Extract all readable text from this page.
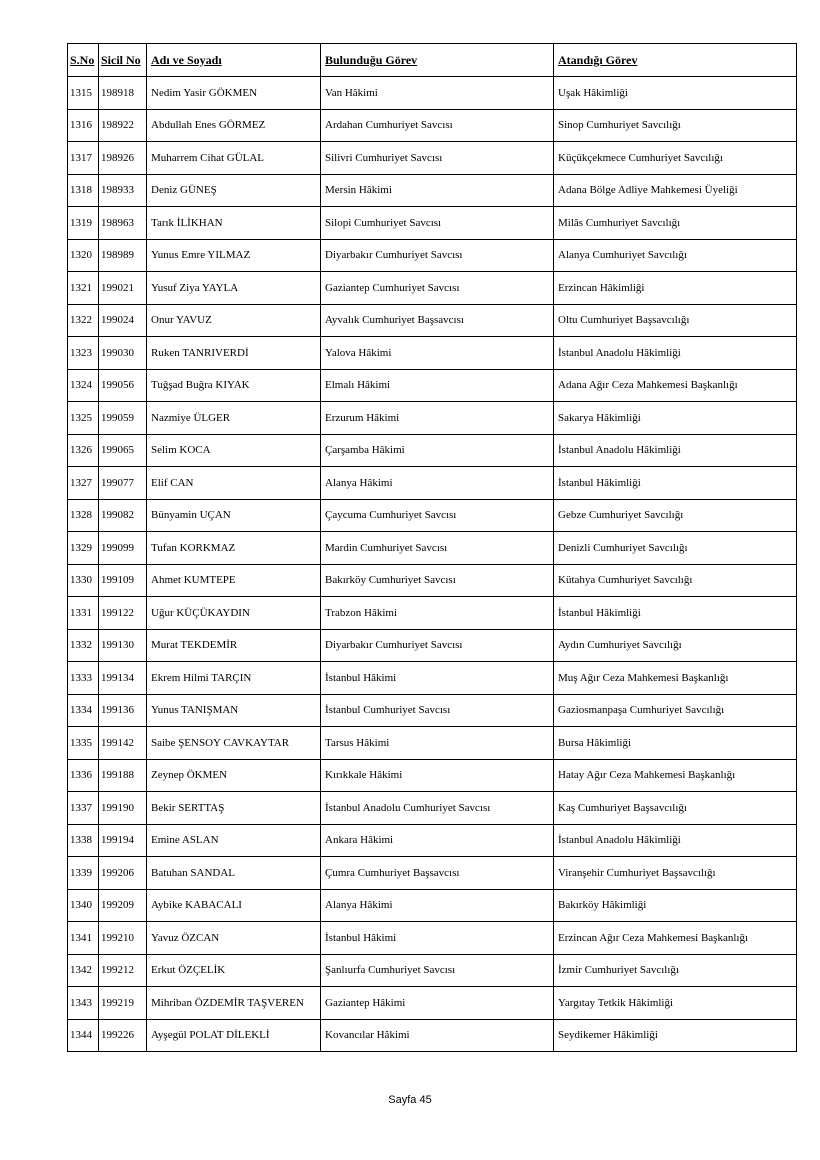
S.No	Sicil No	Adı ve Soyadı	Bulunduğu Görev	Atandığı Görev
1315	198918	Nedim Yasir GÖKMEN	Van Hâkimi	Uşak Hâkimliği
1316	198922	Abdullah Enes GÖRMEZ	Ardahan Cumhuriyet Savcısı	Sinop Cumhuriyet Savcılığı
1317	198926	Muharrem Cihat GÜLAL	Silivri Cumhuriyet Savcısı	Küçükçekmece Cumhuriyet Savcılığı
1318	198933	Deniz GÜNEŞ	Mersin Hâkimi	Adana Bölge Adliye Mahkemesi Üyeliği
1319	198963	Tarık İLİKHAN	Silopi Cumhuriyet Savcısı	Milâs Cumhuriyet Savcılığı
1320	198989	Yunus Emre YILMAZ	Diyarbakır Cumhuriyet Savcısı	Alanya Cumhuriyet Savcılığı
1321	199021	Yusuf Ziya YAYLA	Gaziantep Cumhuriyet Savcısı	Erzincan Hâkimliği
1322	199024	Onur YAVUZ	Ayvalık Cumhuriyet Başsavcısı	Oltu Cumhuriyet Başsavcılığı
1323	199030	Ruken TANRIVERDİ	Yalova Hâkimi	İstanbul Anadolu Hâkimliği
1324	199056	Tuğşad Buğra KIYAK	Elmalı Hâkimi	Adana Ağır Ceza Mahkemesi Başkanlığı
1325	199059	Nazmiye ÜLGER	Erzurum Hâkimi	Sakarya Hâkimliği
1326	199065	Selim KOCA	Çarşamba Hâkimi	İstanbul Anadolu Hâkimliği
1327	199077	Elif CAN	Alanya Hâkimi	İstanbul Hâkimliği
1328	199082	Bünyamin UÇAN	Çaycuma Cumhuriyet Savcısı	Gebze Cumhuriyet Savcılığı
1329	199099	Tufan KORKMAZ	Mardin Cumhuriyet Savcısı	Denizli Cumhuriyet Savcılığı
1330	199109	Ahmet KUMTEPE	Bakırköy Cumhuriyet Savcısı	Kütahya Cumhuriyet Savcılığı
1331	199122	Uğur KÜÇÜKAYDIN	Trabzon Hâkimi	İstanbul Hâkimliği
1332	199130	Murat TEKDEMİR	Diyarbakır Cumhuriyet Savcısı	Aydın Cumhuriyet Savcılığı
1333	199134	Ekrem Hilmi TARÇIN	İstanbul Hâkimi	Muş Ağır Ceza Mahkemesi Başkanlığı
1334	199136	Yunus TANIŞMAN	İstanbul Cumhuriyet Savcısı	Gaziosmanpaşa Cumhuriyet Savcılığı
1335	199142	Saibe ŞENSOY CAVKAYTAR	Tarsus Hâkimi	Bursa Hâkimliği
1336	199188	Zeynep ÖKMEN	Kırıkkale Hâkimi	Hatay Ağır Ceza Mahkemesi Başkanlığı
1337	199190	Bekir SERTTAŞ	İstanbul Anadolu Cumhuriyet Savcısı	Kaş Cumhuriyet Başsavcılığı
1338	199194	Emine ASLAN	Ankara Hâkimi	İstanbul Anadolu Hâkimliği
1339	199206	Batuhan SANDAL	Çumra Cumhuriyet Başsavcısı	Viranşehir Cumhuriyet Başsavcılığı
1340	199209	Aybike KABACALI	Alanya Hâkimi	Bakırköy Hâkimliği
1341	199210	Yavuz ÖZCAN	İstanbul Hâkimi	Erzincan Ağır Ceza Mahkemesi Başkanlığı
1342	199212	Erkut ÖZÇELİK	Şanlıurfa Cumhuriyet Savcısı	İzmir Cumhuriyet Savcılığı
1343	199219	Mihriban ÖZDEMİR TAŞVEREN	Gaziantep Hâkimi	Yargıtay Tetkik Hâkimliği
1344	199226	Ayşegül POLAT DİLEKLİ	Kovancılar Hâkimi	Seydikemer Hâkimliği
Sayfa 45
